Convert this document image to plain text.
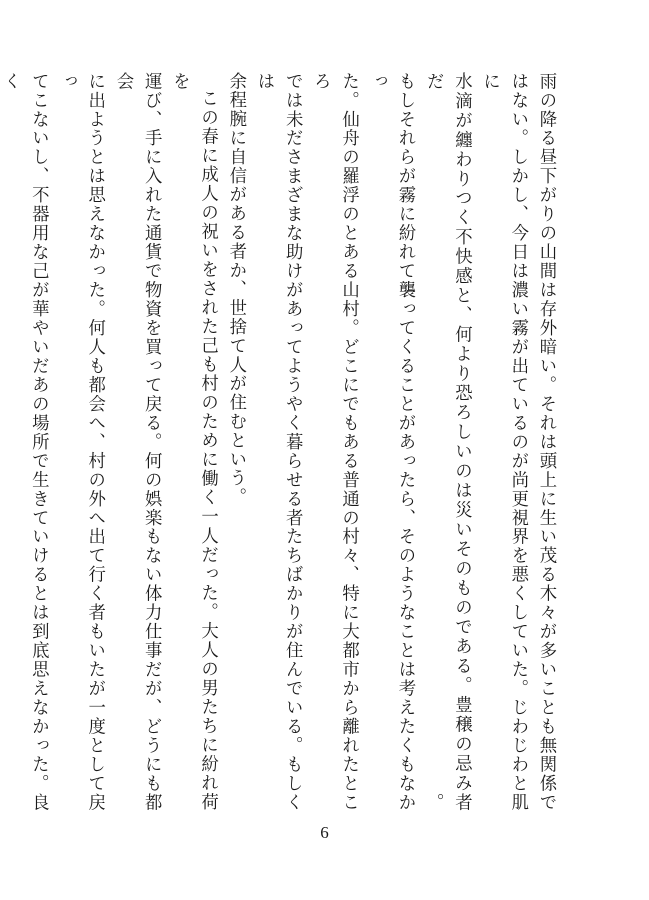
雨の降る昼下がりの山間は存外暗い。それは頭上に生い茂る木々が多いことも無関係で
はない。しかし、今日は濃い霧が出ているのが尚更視界を悪くしていた。じわじわと肌に
水滴が纏わりつく不快感と、何より恐ろしいのは災いそのものである。豊穣の忌み者だ。
もしそれらが霧に紛れて襲ってくることがあったら、そのようなことは考えたくもなかっ
た。仙舟の羅浮のとある山村。どこにでもある普通の村々、特に大都市から離れたところ
では未ださまざまな助けがあってようやく暮らせる者たちばかりが住んでいる。もしくは
余程腕に自信がある者か、世捨て人が住むという。
この春に成人の祝いをされた己も村のために働く一人だった。大人の男たちに紛れ荷を
運び、手に入れた通貨で物資を買って戻る。何の娯楽もない体力仕事だが、どうにも都会
に出ようとは思えなかった。何人も都会へ、村の外へ出て行く者もいたが一度として戻っ
てこないし、不器用な己が華やいだあの場所で生きていけるとは到底思えなかった。良く
6
